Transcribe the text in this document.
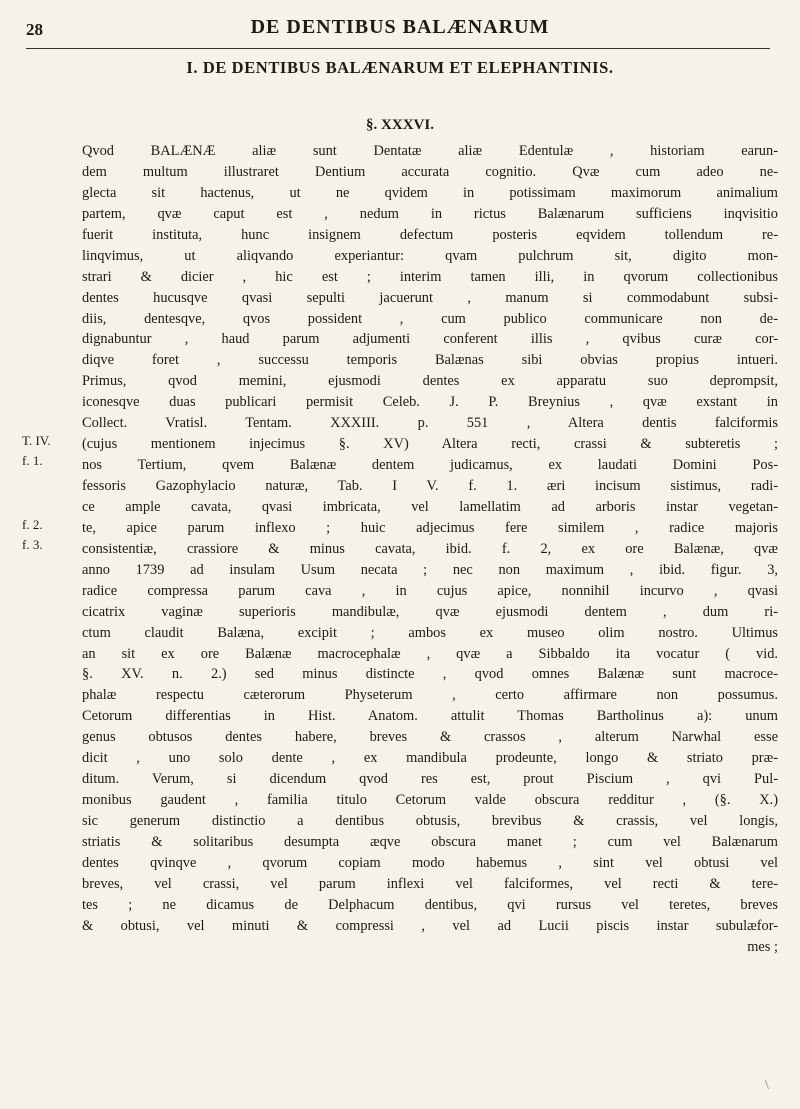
28	DE DENTIBUS BALÆNARUM
I. DE DENTIBUS BALÆNARUM ET ELEPHANTINIS.
§. XXXVI.
Qvod BALÆNÆ aliæ sunt Dentatæ aliæ Edentulæ , historiam earun-
dem multum illustraret Dentium accurata cognitio. Qvæ cum adeo ne-
glecta sit hactenus, ut ne qvidem in potissimam maximorum animalium
partem, qvæ caput est , nedum in rictus Balænarum sufficiens inqvisitio
fuerit instituta, hunc insignem defectum posteris eqvidem tollendum re-
linqvimus, ut aliqvando experiantur: qvam pulchrum sit, digito mon-
strari & dicier , hic est ; interim tamen illi, in qvorum collectionibus
dentes hucusqve qvasi sepulti jacuerunt , manum si commodabunt subsi-
diis, dentesqve, qvos possident , cum publico communicare non de-
dignabuntur , haud parum adjumenti conferent illis , qvibus curæ cor-
diqve foret , successu temporis Balænas sibi obvias propius intueri.
Primus, qvod memini, ejusmodi dentes ex apparatu suo deprompsit,
iconesqve duas publicari permisit Celeb. J. P. Breynius , qvæ exstant in
Collect. Vratisl. Tentam. XXXIII. p. 551 , Altera dentis falciformis
(cujus mentionem injecimus §. XV) Altera recti, crassi & subteretis ;
nos Tertium, qvem Balænæ dentem judicamus, ex laudati Domini Pos-
fessoris Gazophylacio naturæ, Tab. I V. f. 1. æri incisum sistimus, radi-
ce ample cavata, qvasi imbricata, vel lamellatim ad arboris instar vegetan-
te, apice parum inflexo ; huic adjecimus fere similem , radice majoris
consistentiæ, crassiore & minus cavata, ibid. f. 2, ex ore Balænæ, qvæ
anno 1739 ad insulam Usum necata ; nec non maximum , ibid. figur. 3,
radice compressa parum cava , in cujus apice, nonnihil incurvo , qvasi
cicatrix vaginæ superioris mandibulæ, qvæ ejusmodi dentem , dum ri-
ctum claudit Balæna, excipit ; ambos ex museo olim nostro. Ultimus
an sit ex ore Balænæ macrocephalæ , qvæ a Sibbaldo ita vocatur ( vid.
§. XV. n. 2.) sed minus distincte , qvod omnes Balænæ sunt macroce-
phalæ respectu cæterorum Physeterum , certo affirmare non possumus.
Cetorum differentias in Hist. Anatom. attulit Thomas Bartholinus a): unum
genus obtusos dentes habere, breves & crassos , alterum Narwhal esse
dicit , uno solo dente , ex mandibula prodeunte, longo & striato præ-
ditum. Verum, si dicendum qvod res est, prout Piscium , qvi Pul-
monibus gaudent , familia titulo Cetorum valde obscura redditur , (§. X.)
sic generum distinctio a dentibus obtusis, brevibus & crassis, vel longis,
striatis & solitaribus desumpta æqve obscura manet ; cum vel Balænarum
dentes qvinqve , qvorum copiam modo habemus , sint vel obtusi vel
breves, vel crassi, vel parum inflexi vel falciformes, vel recti & tere-
tes ; ne dicamus de Delphacum dentibus, qvi rursus vel teretes, breves
& obtusi, vel minuti & compressi , vel ad Lucii piscis instar subulæfor-
mes ;
T. IV.
f. 1.
f. 2.
f. 3.
\
